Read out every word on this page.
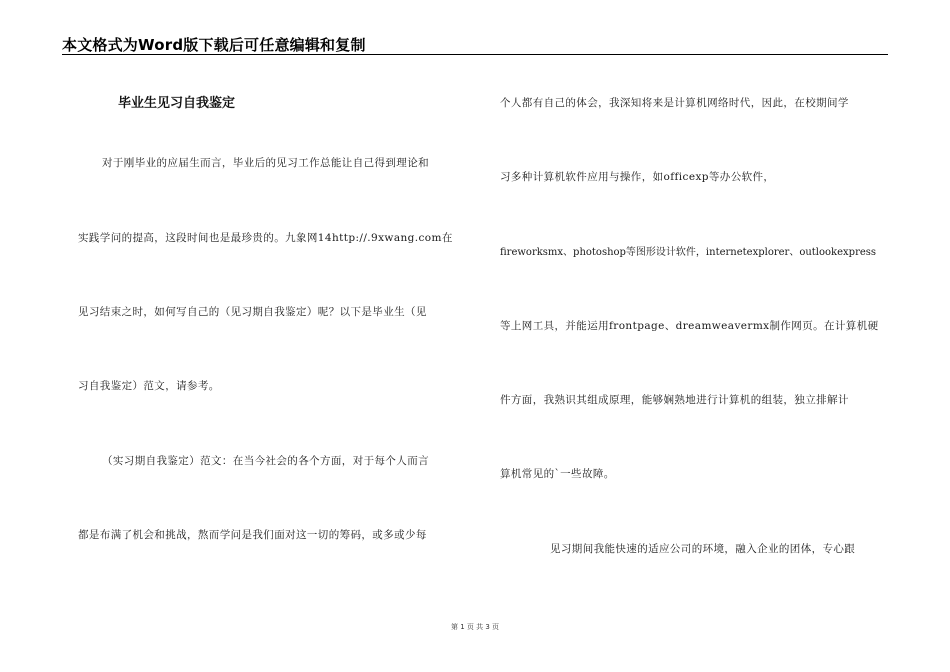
本文格式为Word版下载后可任意编辑和复制
毕业生见习自我鉴定
对于刚毕业的应届生而言，毕业后的见习工作总能让自己得到理论和
实践学问的提高，这段时间也是最珍贵的。九象网14http://.9xwang.com在
见习结束之时，如何写自己的（见习期自我鉴定）呢？以下是毕业生（见
习自我鉴定）范文，请参考。
（实习期自我鉴定）范文：在当今社会的各个方面，对于每个人而言
都是布满了机会和挑战，熬而学问是我们面对这一切的筹码，或多或少每
个人都有自己的体会，我深知将来是计算机网络时代，因此，在校期间学
习多种计算机软件应用与操作，如officexp等办公软件，
fireworksmx、photoshop等图形设计软件，internetexplorer、outlookexpress
等上网工具，并能运用frontpage、dreamweavermx制作网页。在计算机硬
件方面，我熟识其组成原理，能够娴熟地进行计算机的组装，独立排解计
算机常见的`一些故障。
见习期间我能快速的适应公司的环境，融入企业的团体，专心跟
第 1 页 共 3 页
